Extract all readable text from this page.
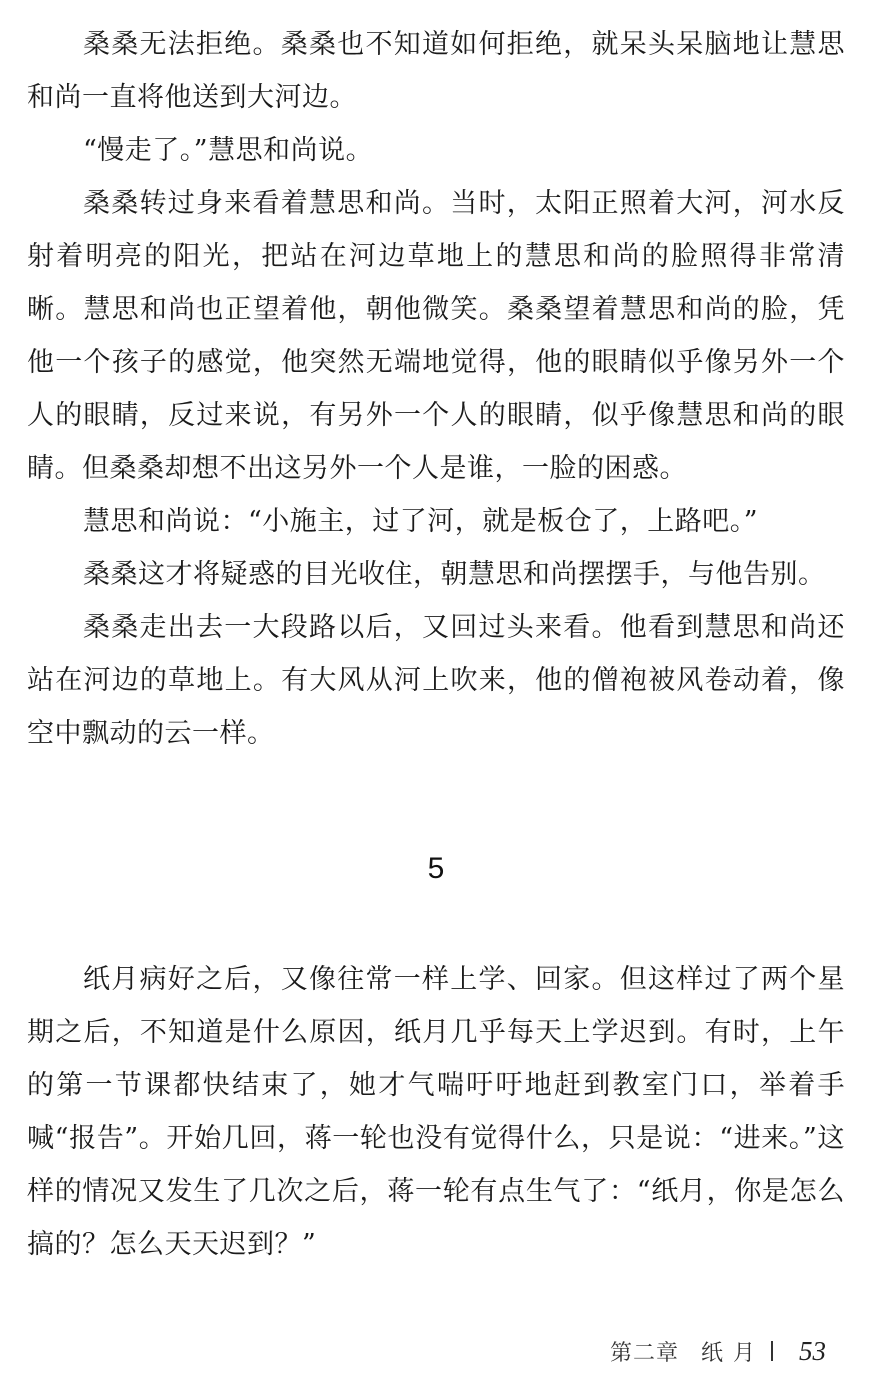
桑桑无法拒绝。桑桑也不知道如何拒绝，就呆头呆脑地让慧思和尚一直将他送到大河边。

“慢走了。”慧思和尚说。

桑桑转过身来看着慧思和尚。当时，太阳正照着大河，河水反射着明亮的阳光，把站在河边草地上的慧思和尚的脸照得非常清晰。慧思和尚也正望着他，朝他微笑。桑桑望着慧思和尚的脸，凭他一个孩子的感觉，他突然无端地觉得，他的眼睛似乎像另外一个人的眼睛，反过来说，有另外一个人的眼睛，似乎像慧思和尚的眼睛。但桑桑却想不出这另外一个人是谁，一脸的困惑。

慧思和尚说：“小施主，过了河，就是板仓了，上路吧。”

桑桑这才将疑惑的目光收住，朝慧思和尚摆摆手，与他告别。

桑桑走出去一大段路以后，又回过头来看。他看到慧思和尚还站在河边的草地上。有大风从河上吹来，他的僧袍被风卷动着，像空中飘动的云一样。

5

纸月病好之后，又像往常一样上学、回家。但这样过了两个星期之后，不知道是什么原因，纸月几乎每天上学迟到。有时，上午的第一节课都快结束了，她才气喘吁吁地赶到教室门口，举着手喊“报告”。开始几回，蒋一轮也没有觉得什么，只是说：“进来。”这样的情况又发生了几次之后，蒋一轮有点生气了：“纸月，你是怎么搞的？怎么天天迟到？”

第二章 纸月 53
